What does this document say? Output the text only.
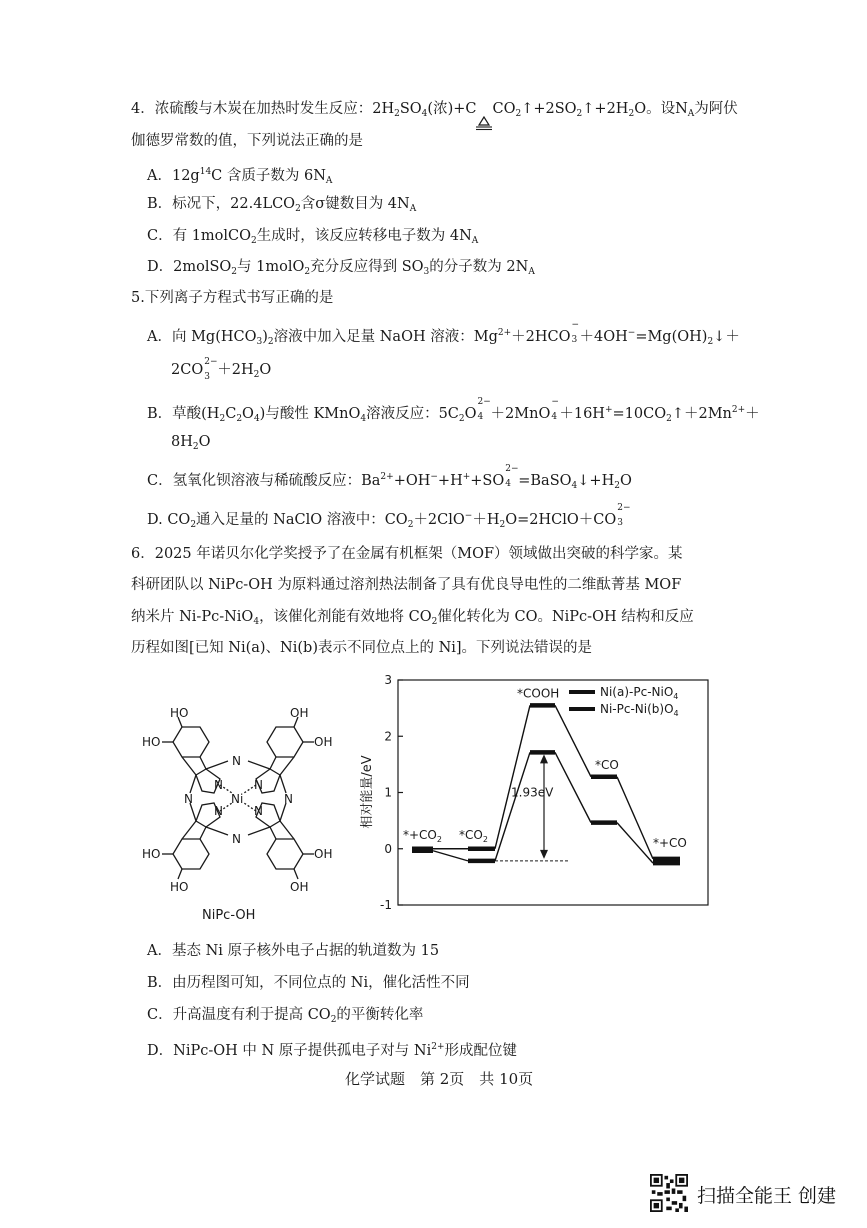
4．浓硫酸与木炭在加热时发生反应：$2H_2SO_4$(浓)+C $CO_2↑+2SO_2↑+2H_2O$。设$N_A$为阿伏
伽德罗常数的值，下列说法正确的是
A．$12g^{14}C$ 含质子数为 $6N_A$
B．标况下，$22.4LCO_2$含σ键数目为 $4N_A$
C．有 1molCO$_2$生成时，该反应转移电子数为 $4N_A$
D．2molSO$_2$与 1molO$_2$充分反应得到 $SO_3$的分子数为 $2N_A$
5.下列离子方程式书写正确的是
A．向 $Mg(HCO_3)_2$溶液中加入足量 NaOH 溶液：$Mg^{2+}+2HCO$
−
$3 +4OH^-=Mg(OH)_2↓+$
2CO 2−
$3 +2H_2O$
B．草酸$(H_2C_2O_4)$与酸性 KMnO$_4$溶液反应：$5C_2O$
2−
4 ＋2MnO
−
$4 +16H^+=10CO_2↑+2Mn^{2+}+$
$8H_2O$
C．氢氧化钡溶液与稀硫酸反应：$Ba^{2+}+OH^-+H^++SO$
2−
$4 =BaSO_4↓+H_2O$
D. $CO_2$通入足量的 NaClO 溶液中：$CO_2+2ClO^-+H_2O=2HClO+CO$
2−
3
6．2025 年诺贝尔化学奖授予了在金属有机框架（MOF）领域做出突破的科学家。某
科研团队以 NiPc-OH 为原料通过溶剂热法制备了具有优良导电性的二维酞菁基 MOF
纳米片 Ni-Pc-NiO$_4$，该催化剂能有效地将 $CO_2$催化转化为 CO。NiPc-OH 结构和反应
历程如图[已知 Ni(a)、Ni(b)表示不同位点上的 Ni]。下列说法错误的是
HO
HO
OH
OH
HO
HO
OH
OH
N
N
N	N
N	N
N	N
Ni
NiPc-OH
-1
0
1
2
3
相对能量/eV
$*+CO_2$ $*CO_2$
*COOH
*CO
*+CO
Ni(a)-Pc-NiO$_4$
$Ni-Pc-Ni(b)O_4$
1.93eV
A．基态 Ni 原子核外电子占据的轨道数为 15
B．由历程图可知，不同位点的 Ni，催化活性不同
C．升高温度有利于提高 $CO_2$的平衡转化率
D．NiPc-OH 中 N 原子提供孤电子对与 $Ni^{2+}$形成配位键
化学试题　第 2页　共 10页
扫描全能王 创建
